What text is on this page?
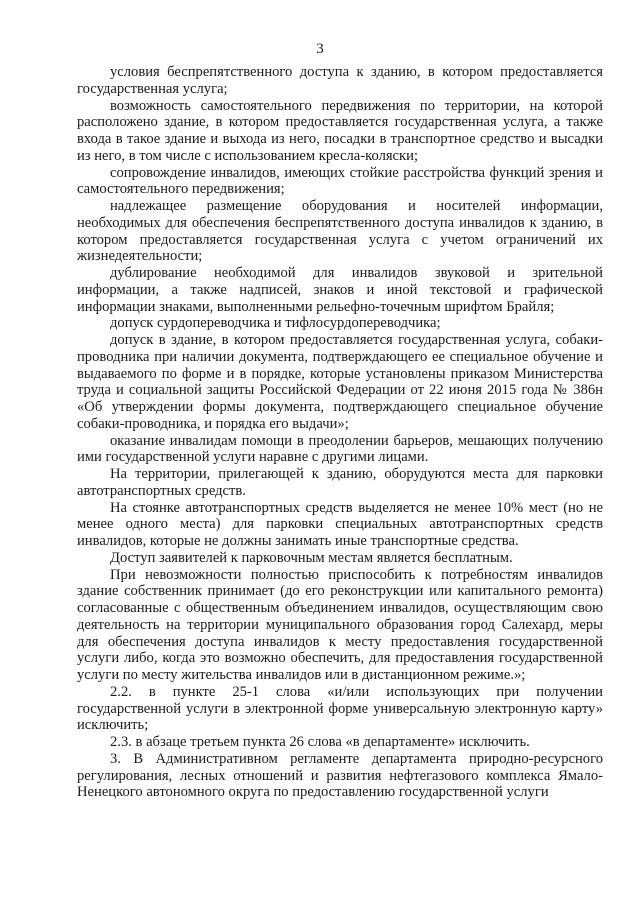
3

условия беспрепятственного доступа к зданию, в котором предоставляется государственная услуга;

возможность самостоятельного передвижения по территории, на которой расположено здание, в котором предоставляется государственная услуга, а также входа в такое здание и выхода из него, посадки в транспортное средство и высадки из него, в том числе с использованием кресла-коляски;

сопровождение инвалидов, имеющих стойкие расстройства функций зрения и самостоятельного передвижения;

надлежащее размещение оборудования и носителей информации, необходимых для обеспечения беспрепятственного доступа инвалидов к зданию, в котором предоставляется государственная услуга с учетом ограничений их жизнедеятельности;

дублирование необходимой для инвалидов звуковой и зрительной информации, а также надписей, знаков и иной текстовой и графической информации знаками, выполненными рельефно-точечным шрифтом Брайля;

допуск сурдопереводчика и тифлосурдопереводчика;

допуск в здание, в котором предоставляется государственная услуга, собаки-проводника при наличии документа, подтверждающего ее специальное обучение и выдаваемого по форме и в порядке, которые установлены приказом Министерства труда и социальной защиты Российской Федерации от 22 июня 2015 года № 386н «Об утверждении формы документа, подтверждающего специальное обучение собаки-проводника, и порядка его выдачи»;

оказание инвалидам помощи в преодолении барьеров, мешающих получению ими государственной услуги наравне с другими лицами.

На территории, прилегающей к зданию, оборудуются места для парковки автотранспортных средств.

На стоянке автотранспортных средств выделяется не менее 10% мест (но не менее одного места) для парковки специальных автотранспортных средств инвалидов, которые не должны занимать иные транспортные средства.

Доступ заявителей к парковочным местам является бесплатным.

При невозможности полностью приспособить к потребностям инвалидов здание собственник принимает (до его реконструкции или капитального ремонта) согласованные с общественным объединением инвалидов, осуществляющим свою деятельность на территории муниципального образования город Салехард, меры для обеспечения доступа инвалидов к месту предоставления государственной услуги либо, когда это возможно обеспечить, для предоставления государственной услуги по месту жительства инвалидов или в дистанционном режиме.»;

2.2. в пункте 25-1 слова «и/или использующих при получении государственной услуги в электронной форме универсальную электронную карту» исключить;

2.3. в абзаце третьем пункта 26 слова «в департаменте» исключить.

3. В Административном регламенте департамента природно-ресурсного регулирования, лесных отношений и развития нефтегазового комплекса Ямало-Ненецкого автономного округа по предоставлению государственной услуги
